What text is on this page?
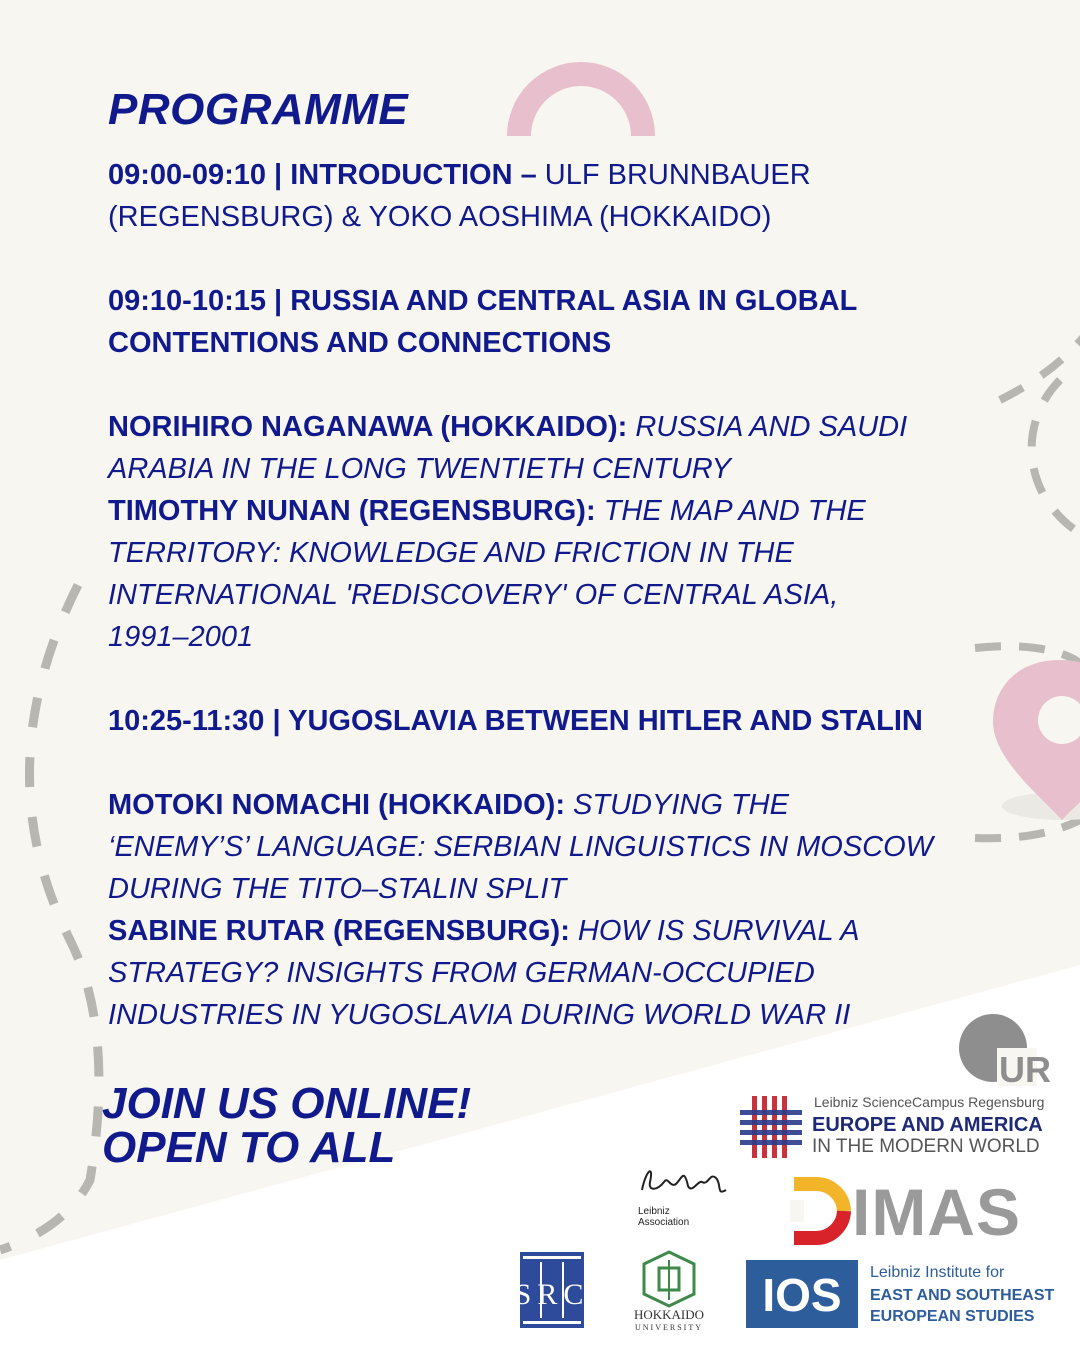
PROGRAMME
09:00-09:10 | INTRODUCTION – ULF BRUNNBAUER
(REGENSBURG) & YOKO AOSHIMA (HOKKAIDO)
09:10-10:15 | RUSSIA AND CENTRAL ASIA IN GLOBAL
CONTENTIONS AND CONNECTIONS
NORIHIRO NAGANAWA (HOKKAIDO): RUSSIA AND SAUDI
ARABIA IN THE LONG TWENTIETH CENTURY
TIMOTHY NUNAN (REGENSBURG): THE MAP AND THE
TERRITORY: KNOWLEDGE AND FRICTION IN THE
INTERNATIONAL 'REDISCOVERY' OF CENTRAL ASIA,
1991–2001
10:25-11:30 | YUGOSLAVIA BETWEEN HITLER AND STALIN
MOTOKI NOMACHI (HOKKAIDO): STUDYING THE
‘ENEMY’S’ LANGUAGE: SERBIAN LINGUISTICS IN MOSCOW
DURING THE TITO–STALIN SPLIT
SABINE RUTAR (REGENSBURG): HOW IS SURVIVAL A
STRATEGY? INSIGHTS FROM GERMAN-OCCUPIED
INDUSTRIES IN YUGOSLAVIA DURING WORLD WAR II
JOIN US ONLINE!
OPEN TO ALL
UR
Leibniz ScienceCampus Regensburg
EUROPE AND AMERICA
IN THE MODERN WORLD
Leibniz
Association IMAS
SRC
HOKKAIDO
UNIVERSITY
IOS	Leibniz Institute for
EAST AND SOUTHEAST
EUROPEAN STUDIES
